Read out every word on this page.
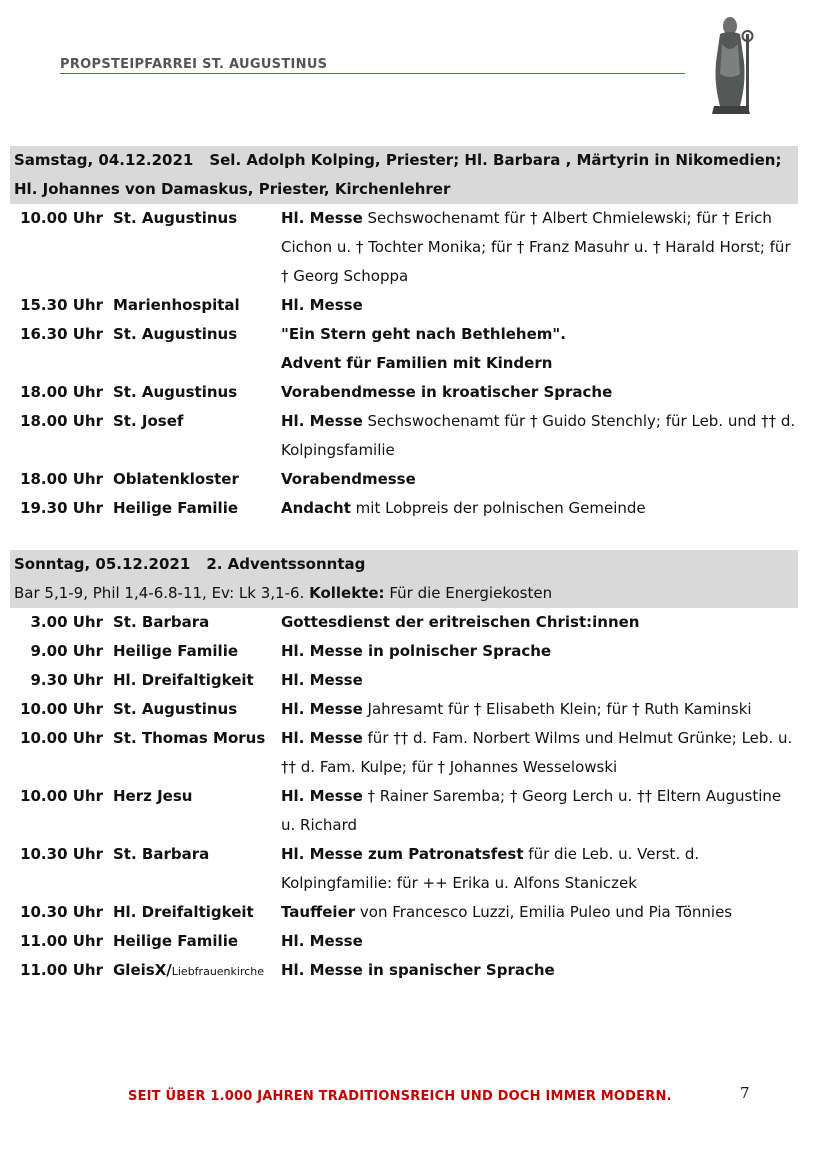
PROPSTEIPFARREI ST. AUGUSTINUS
Samstag, 04.12.2021 Sel. Adolph Kolping, Priester; Hl. Barbara , Märtyrin in Nikomedien;
Hl. Johannes von Damaskus, Priester, Kirchenlehrer
10.00 Uhr St. Augustinus	Hl. Messe Sechswochenamt für † Albert Chmielewski; für † Erich Cichon u. † Tochter Monika; für † Franz Masuhr u. † Harald Horst; für † Georg Schoppa
15.30 Uhr Marienhospital	Hl. Messe
16.30 Uhr St. Augustinus	"Ein Stern geht nach Bethlehem". Advent für Familien mit Kindern
18.00 Uhr St. Augustinus	Vorabendmesse in kroatischer Sprache
18.00 Uhr St. Josef	Hl. Messe Sechswochenamt für † Guido Stenchly; für Leb. und †† d. Kolpingsfamilie
18.00 Uhr Oblatenkloster	Vorabendmesse
19.30 Uhr Heilige Familie	Andacht mit Lobpreis der polnischen Gemeinde
Sonntag, 05.12.2021 2. Adventssonntag
Bar 5,1-9, Phil 1,4-6.8-11, Ev: Lk 3,1-6. Kollekte: Für die Energiekosten
3.00 Uhr St. Barbara	Gottesdienst der eritreischen Christ:innen
9.00 Uhr Heilige Familie	Hl. Messe in polnischer Sprache
9.30 Uhr Hl. Dreifaltigkeit	Hl. Messe
10.00 Uhr St. Augustinus	Hl. Messe Jahresamt für † Elisabeth Klein; für † Ruth Kaminski
10.00 Uhr St. Thomas Morus	Hl. Messe für †† d. Fam. Norbert Wilms und Helmut Grünke; Leb. u. †† d. Fam. Kulpe; für † Johannes Wesselowski
10.00 Uhr Herz Jesu	Hl. Messe † Rainer Saremba; † Georg Lerch u. †† Eltern Augustine u. Richard
10.30 Uhr St. Barbara	Hl. Messe zum Patronatsfest für die Leb. u. Verst. d. Kolpingfamilie: für ++ Erika u. Alfons Staniczek
10.30 Uhr Hl. Dreifaltigkeit	Tauffeier von Francesco Luzzi, Emilia Puleo und Pia Tönnies
11.00 Uhr Heilige Familie	Hl. Messe
11.00 Uhr GleisX/Liebfrauenkirche	Hl. Messe in spanischer Sprache
SEIT ÜBER 1.000 JAHREN TRADITIONSREICH UND DOCH IMMER MODERN.	7
